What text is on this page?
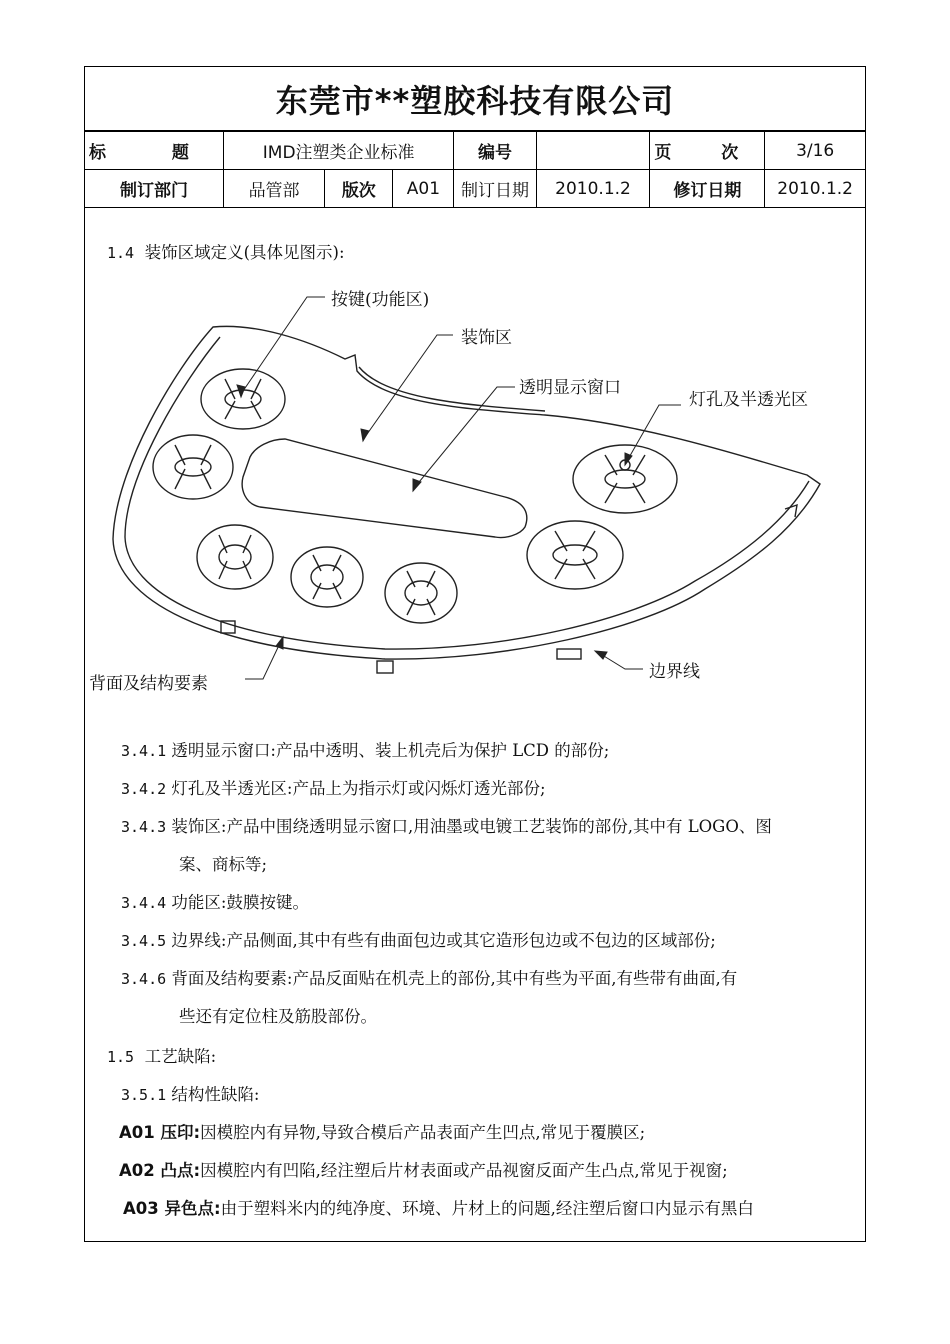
东莞市**塑胶科技有限公司
标 题	IMD注塑类企业标准			编号		页 次	3/16
制订部门	品管部	版次	A01	制订日期	2010.1.2	修订日期	2010.1.2
1.4 装饰区域定义(具体见图示):
按键(功能区)
装饰区
透明显示窗口
灯孔及半透光区
背面及结构要素
边界线
3.4.1 透明显示窗口:产品中透明、装上机壳后为保护 LCD 的部份;
3.4.2 灯孔及半透光区:产品上为指示灯或闪烁灯透光部份;
3.4.3 装饰区:产品中围绕透明显示窗口,用油墨或电镀工艺装饰的部份,其中有 LOGO、图
案、商标等;
3.4.4 功能区:鼓膜按键。
3.4.5 边界线:产品侧面,其中有些有曲面包边或其它造形包边或不包边的区域部份;
3.4.6 背面及结构要素:产品反面贴在机壳上的部份,其中有些为平面,有些带有曲面,有
些还有定位柱及筋股部份。
1.5 工艺缺陷:
3.5.1 结构性缺陷:
A01 压印:因模腔内有异物,导致合模后产品表面产生凹点,常见于覆膜区;
A02 凸点:因模腔内有凹陷,经注塑后片材表面或产品视窗反面产生凸点,常见于视窗;
A03 异色点:由于塑料米内的纯净度、环境、片材上的问题,经注塑后窗口内显示有黑白
